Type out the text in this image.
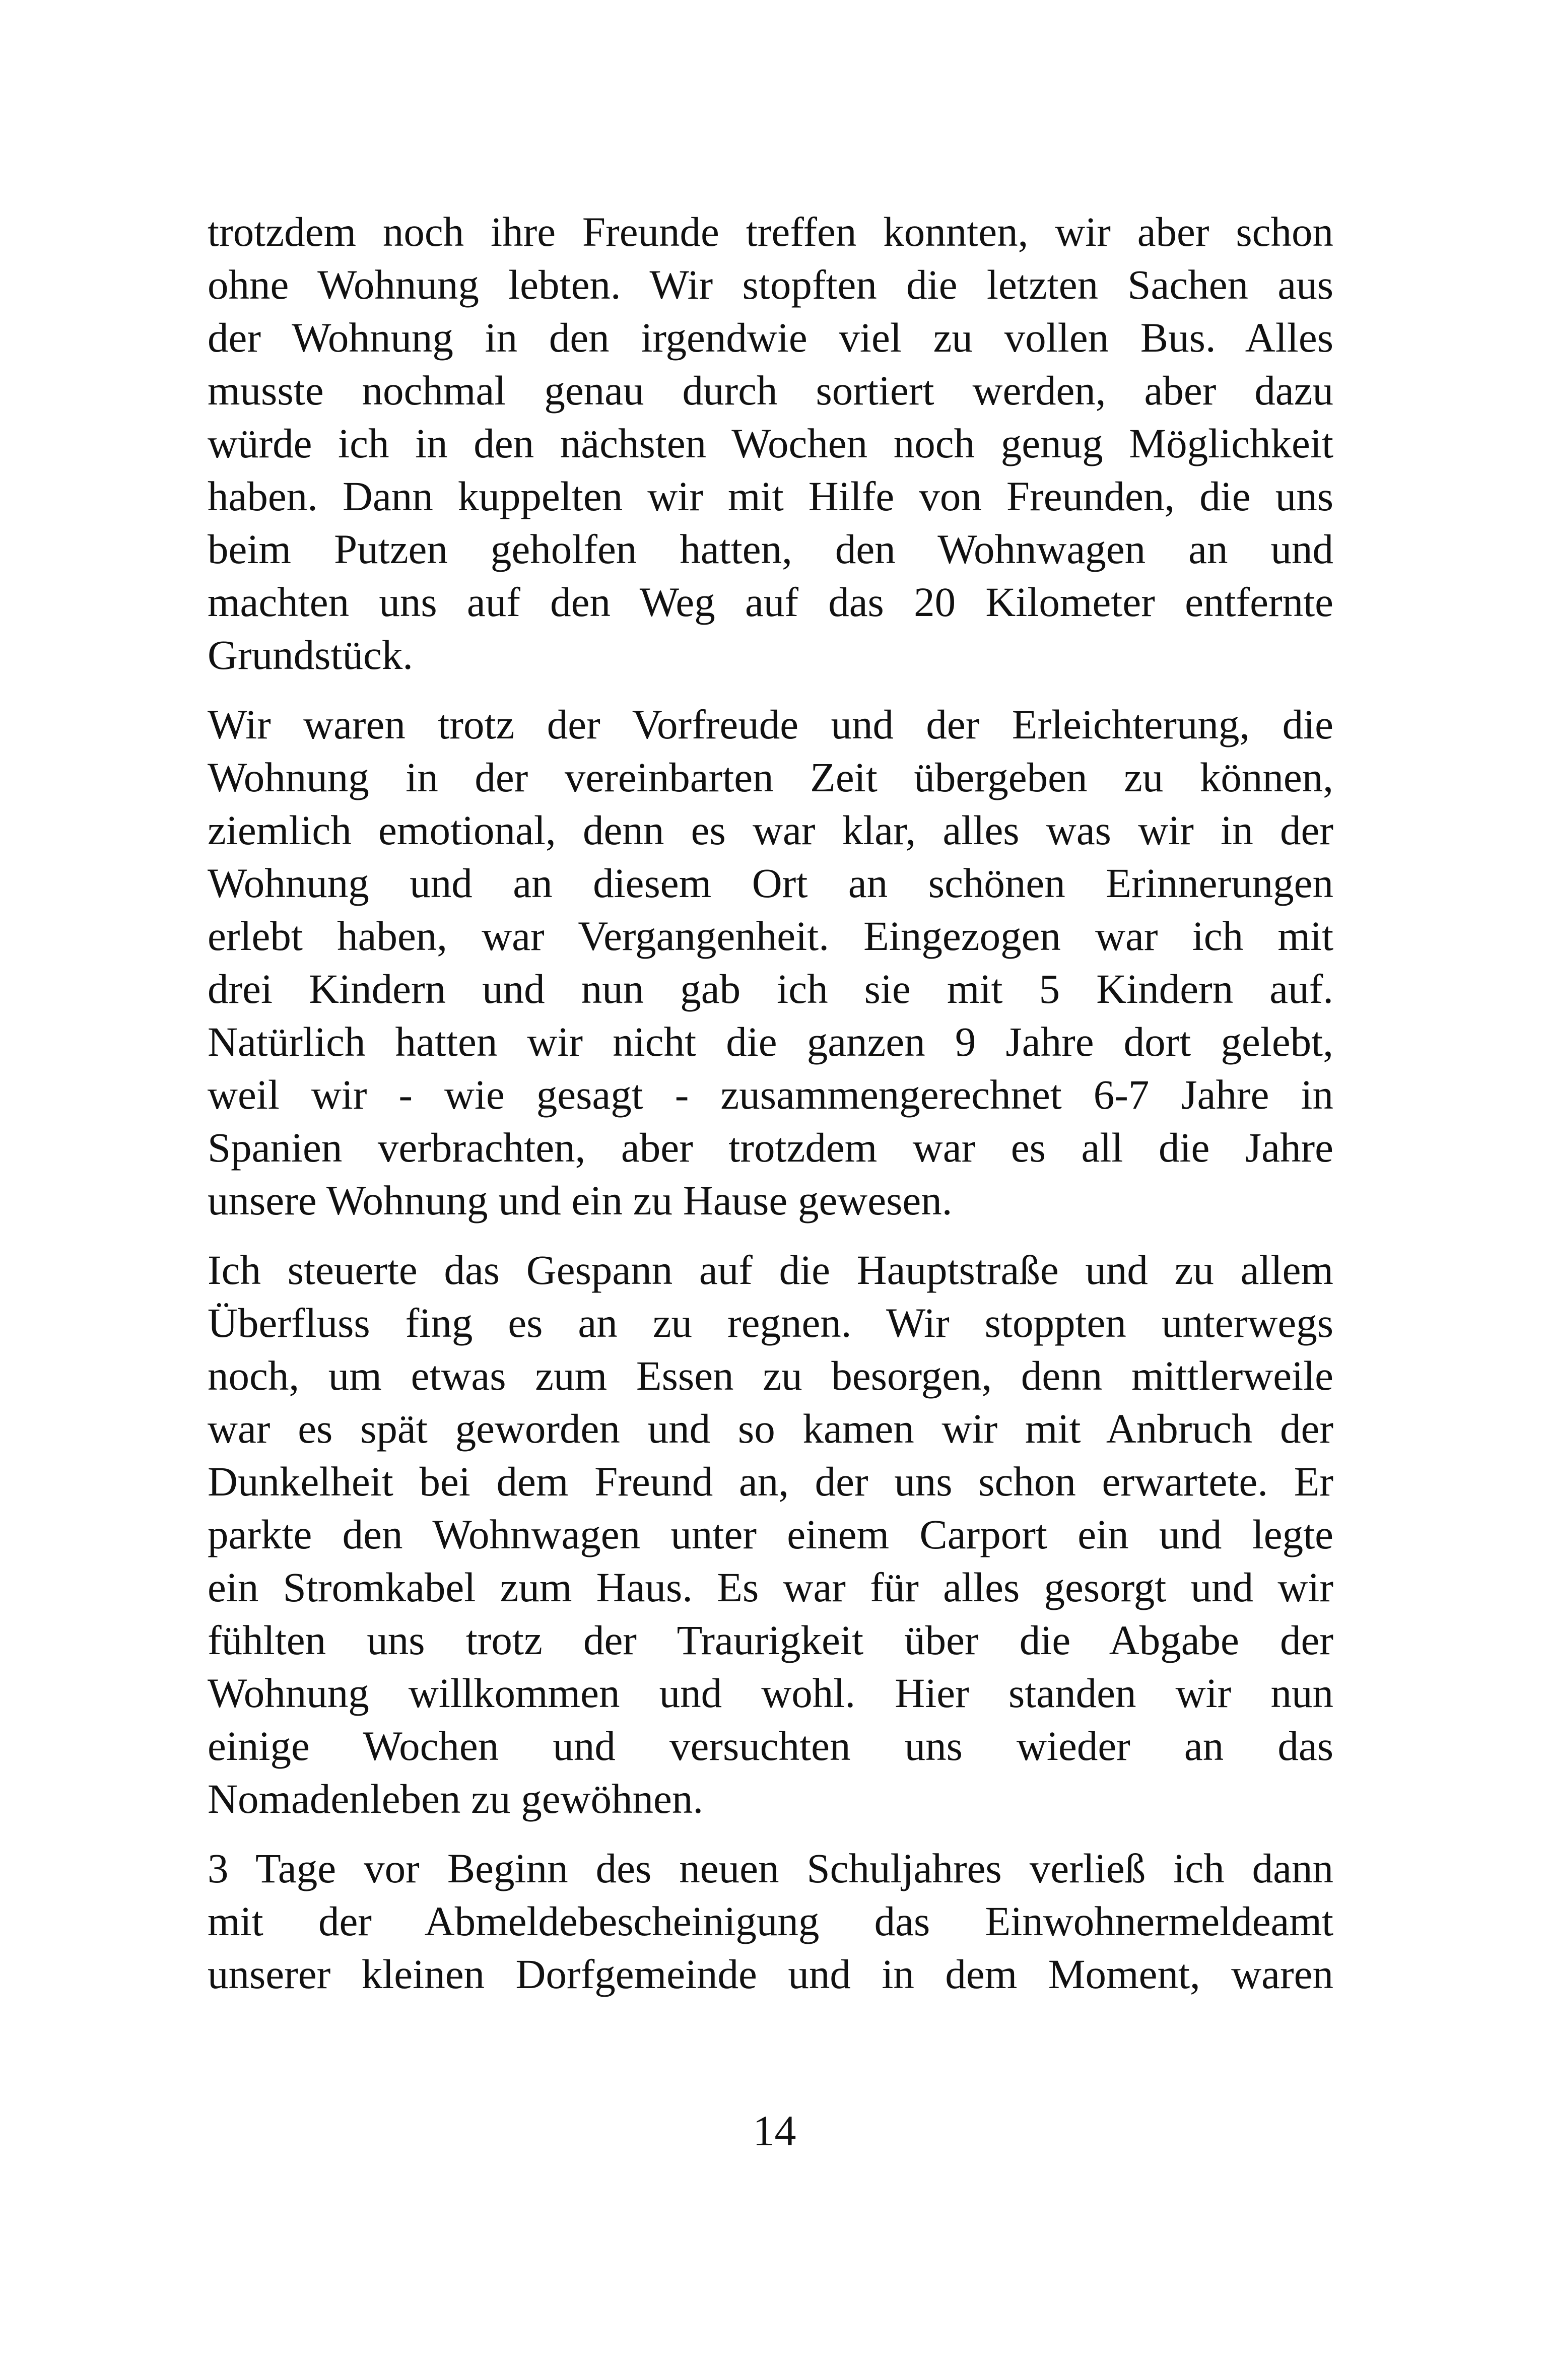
trotzdem noch ihre Freunde treffen konnten, wir aber schon
ohne Wohnung lebten. Wir stopften die letzten Sachen aus
der Wohnung in den irgendwie viel zu vollen Bus. Alles
musste nochmal genau durch sortiert werden, aber dazu
würde ich in den nächsten Wochen noch genug Möglichkeit
haben. Dann kuppelten wir mit Hilfe von Freunden, die uns
beim Putzen geholfen hatten, den Wohnwagen an und
machten uns auf den Weg auf das 20 Kilometer entfernte
Grundstück.
Wir waren trotz der Vorfreude und der Erleichterung, die
Wohnung in der vereinbarten Zeit übergeben zu können,
ziemlich emotional, denn es war klar, alles was wir in der
Wohnung und an diesem Ort an schönen Erinnerungen
erlebt haben, war Vergangenheit. Eingezogen war ich mit
drei Kindern und nun gab ich sie mit 5 Kindern auf.
Natürlich hatten wir nicht die ganzen 9 Jahre dort gelebt,
weil wir - wie gesagt - zusammengerechnet 6-7 Jahre in
Spanien verbrachten, aber trotzdem war es all die Jahre
unsere Wohnung und ein zu Hause gewesen.
Ich steuerte das Gespann auf die Hauptstraße und zu allem
Überfluss fing es an zu regnen. Wir stoppten unterwegs
noch, um etwas zum Essen zu besorgen, denn mittlerweile
war es spät geworden und so kamen wir mit Anbruch der
Dunkelheit bei dem Freund an, der uns schon erwartete. Er
parkte den Wohnwagen unter einem Carport ein und legte
ein Stromkabel zum Haus. Es war für alles gesorgt und wir
fühlten uns trotz der Traurigkeit über die Abgabe der
Wohnung willkommen und wohl. Hier standen wir nun
einige Wochen und versuchten uns wieder an das
Nomadenleben zu gewöhnen.
3 Tage vor Beginn des neuen Schuljahres verließ ich dann
mit der Abmeldebescheinigung das Einwohnermeldeamt
unserer kleinen Dorfgemeinde und in dem Moment, waren
14
